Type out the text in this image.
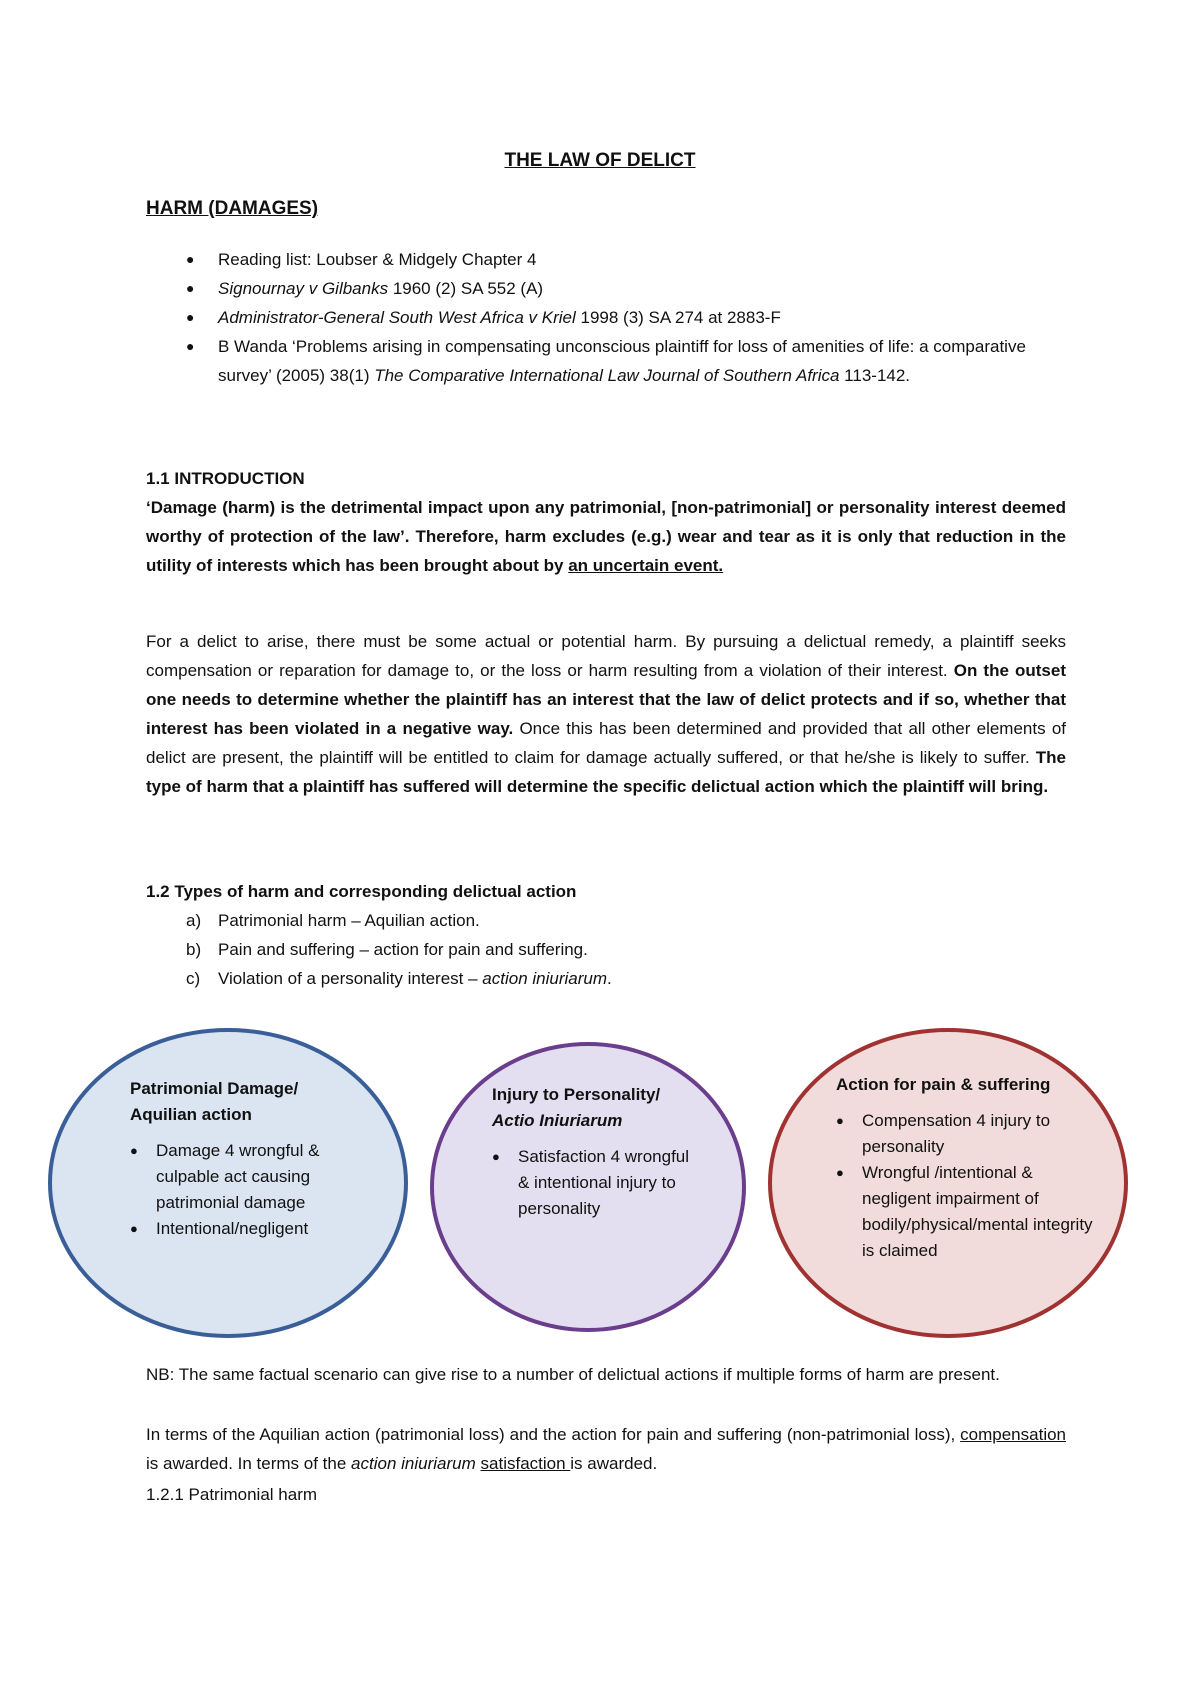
THE LAW OF DELICT
HARM (DAMAGES)
● Reading list: Loubser & Midgely Chapter 4
● Signournay v Gilbanks 1960 (2) SA 552 (A)
● Administrator-General South West Africa v Kriel 1998 (3) SA 274 at 2883-F
● B Wanda ‘Problems arising in compensating unconscious plaintiff for loss of amenities of life: a comparative survey’ (2005) 38(1) The Comparative International Law Journal of Southern Africa 113-142.
1.1 INTRODUCTION
‘Damage (harm) is the detrimental impact upon any patrimonial, [non-patrimonial] or personality interest deemed worthy of protection of the law’. Therefore, harm excludes (e.g.) wear and tear as it is only that reduction in the utility of interests which has been brought about by an uncertain event.
For a delict to arise, there must be some actual or potential harm. By pursuing a delictual remedy, a plaintiff seeks compensation or reparation for damage to, or the loss or harm resulting from a violation of their interest. On the outset one needs to determine whether the plaintiff has an interest that the law of delict protects and if so, whether that interest has been violated in a negative way. Once this has been determined and provided that all other elements of delict are present, the plaintiff will be entitled to claim for damage actually suffered, or that he/she is likely to suffer. The type of harm that a plaintiff has suffered will determine the specific delictual action which the plaintiff will bring.
1.2 Types of harm and corresponding delictual action
a) Patrimonial harm – Aquilian action.
b) Pain and suffering – action for pain and suffering.
c) Violation of a personality interest – action iniuriarum.
Patrimonial Damage/
Aquilian action
● Damage 4 wrongful & culpable act causing patrimonial damage
● Intentional/negligent
Injury to Personality/
Actio Iniuriarum
● Satisfaction 4 wrongful & intentional injury to personality
Action for pain & suffering
● Compensation 4 injury to personality
● Wrongful /intentional & negligent impairment of bodily/physical/mental integrity is claimed
NB: The same factual scenario can give rise to a number of delictual actions if multiple forms of harm are present.
In terms of the Aquilian action (patrimonial loss) and the action for pain and suffering (non-patrimonial loss), compensation is awarded. In terms of the action iniuriarum satisfaction is awarded.
1.2.1 Patrimonial harm
